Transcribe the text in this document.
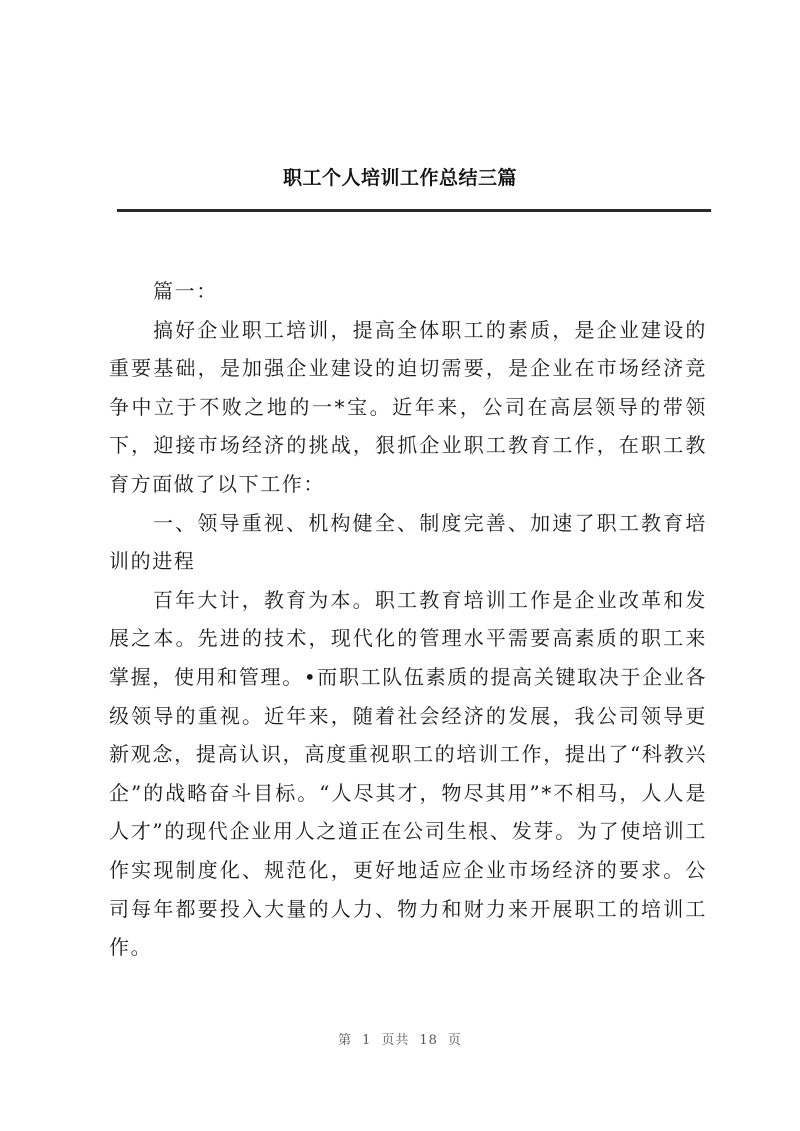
职工个人培训工作总结三篇

篇一：

搞好企业职工培训，提高全体职工的素质，是企业建设的重要基础，是加强企业建设的迫切需要，是企业在市场经济竞争中立于不败之地的一*宝。近年来，公司在高层领导的带领下，迎接市场经济的挑战，狠抓企业职工教育工作，在职工教育方面做了以下工作：

一、领导重视、机构健全、制度完善、加速了职工教育培训的进程

百年大计，教育为本。职工教育培训工作是企业改革和发展之本。先进的技术，现代化的管理水平需要高素质的职工来掌握，使用和管理。•而职工队伍素质的提高关键取决于企业各级领导的重视。近年来，随着社会经济的发展，我公司领导更新观念，提高认识，高度重视职工的培训工作，提出了“科教兴企”的战略奋斗目标。“人尽其才，物尽其用”*不相马，人人是人才”的现代企业用人之道正在公司生根、发芽。为了使培训工作实现制度化、规范化，更好地适应企业市场经济的要求。公司每年都要投入大量的人力、物力和财力来开展职工的培训工作。

第 1 页共 18 页
